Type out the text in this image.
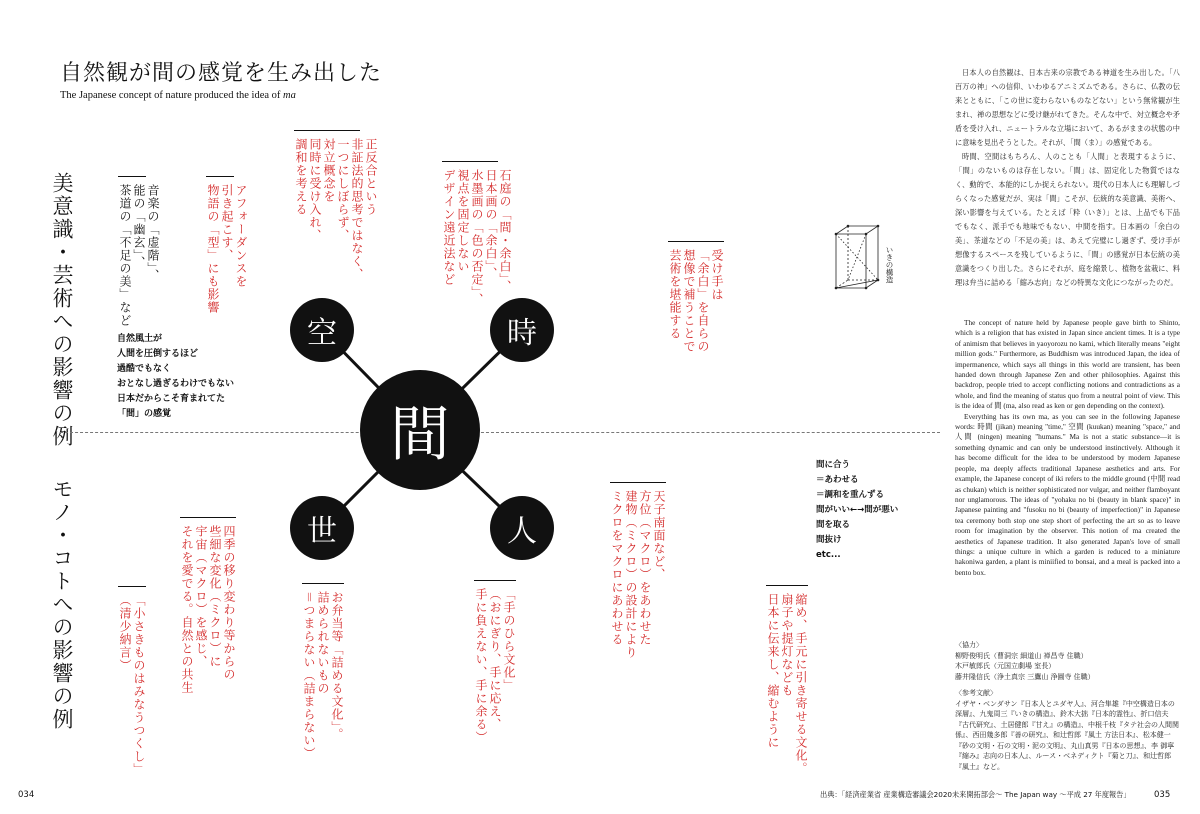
自然観が間の感覚を生み出した
The Japanese concept of nature produced the idea of ma
美意識・芸術への影響の例
モノ・コトへの影響の例
自然風土が
人間を圧倒するほど
過酷でもなく
おとなし過ぎるわけでもない
日本だからこそ育まれてた
「間」の感覚	間
空	時
世	人
音楽の「虚階」、
能の「幽玄」、
茶道の「不足の美」など	アフォーダンスを
引き起こす、
物語の「型」にも影響
正反合という
非証法的思考ではなく、
一つにしぼらず、
対立概念を
同時に受け入れ、
調和を考える	石庭の「間・余白」、
日本画の「余白」、
水墨画の「色の否定」、
視点を固定しない
デザイン遠近法など	受け手は
「余白」を自らの
想像で補うことで
芸術を堪能する
「小さきものはみなうつくし」
（清少納言）	四季の移り変わり等からの
些細な変化（ミクロ）に
宇宙（マクロ）を感じ、
それを愛でる。自然との共生	お弁当等「詰める文化」。
詰められないもの
＝つまらない（詰まらない）	「手のひら文化」
（おにぎり、手に応え、
手に負えない、手に余る）
天子南面など、
方位（マクロ）をあわせた
建物（ミクロ）の設計により
ミクロをマクロにあわせる
縮め、手元に引き寄せる文化。
扇子や提灯なども
日本に伝来し、縮むように
間に合う
＝あわせる
＝調和を重んずる
間がいい←→間が悪い
間を取る
間抜け
etc...
いきの構造

日本人の自然観は、日本古来の宗教である神道を生み出した。「八百万の神」への信仰、いわゆるアニミズムである。さらに、仏教の伝来とともに、「この世に変わらないものなどない」という無常観が生まれ、禅の思想などに受け継がれてきた。そんな中で、対立概念や矛盾を受け入れ、ニュートラルな立場において、あるがままの状態の中に意味を見出そうとした。それが、「間（ま）」の感覚である。

時間、空間はもちろん、人のことも「人間」と表現するように、「間」のないものは存在しない。「間」は、固定化した物質ではなく、動的で、本能的にしか捉えられない。現代の日本人にも理解しづらくなった感覚だが、実は「間」こそが、伝統的な美意識、美術へ、深い影響を与えている。たとえば「粋（いき）」とは、上品でも下品でもなく、派手でも地味でもない、中間を指す。日本画の「余白の美」、茶道などの「不足の美」は、あえて完璧にし過ぎず、受け手が想像するスペースを残しているように、「間」の感覚が日本伝統の美意識をつくり出した。さらにそれが、庭を縮景し、植物を盆栽に、料理は弁当に詰める「縮み志向」などの特異な文化につながったのだ。

The concept of nature held by Japanese people gave birth to Shinto, which is a religion that has existed in Japan since ancient times. It is a type of animism that believes in yaoyorozu no kami, which literally means "eight million gods." Furthermore, as Buddhism was introduced Japan, the idea of impermanence, which says all things in this world are transient, has been handed down through Japanese Zen and other philosophies. Against this backdrop, people tried to accept conflicting notions and contradictions as a whole, and find the meaning of status quo from a neutral point of view. This is the idea of 間 (ma, also read as ken or gen depending on the context).

Everything has its own ma, as you can see in the following Japanese words: 時間 (jikan) meaning "time," 空間 (kuukan) meaning "space," and 人間 (ningen) meaning "humans." Ma is not a static substance—it is something dynamic and can only be understood instinctively. Although it has become difficult for the idea to be understood by modern Japanese people, ma deeply affects traditional Japanese aesthetics and arts. For example, the Japanese concept of iki refers to the middle ground (中間 read as chukan) which is neither sophisticated nor vulgar, and neither flamboyant nor unglamorous. The ideas of "yohaku no bi (beauty in blank space)" in Japanese painting and "fusoku no bi (beauty of imperfection)" in Japanese tea ceremony both stop one step short of perfecting the art so as to leave room for imagination by the observer. This notion of ma created the aesthetics of Japanese tradition. It also generated Japan's love of small things: a unique culture in which a garden is reduced to a miniature hakoniwa garden, a plant is miniified to bonsai, and a meal is packed into a bento box.

〈協力〉
柳野俊明氏（曹洞宗 細道山 禅昌寺 住職）
木戸敏郎氏（元国立劇場 室長）
藤井隆信氏（浄土真宗 三鷹山 浄圓寺 住職）
〈参考文献〉
イザヤ・ベンダサン『日本人とユダヤ人』、河合隼雄『中空構造日本の深層』、九鬼周三『いきの構造』、鈴木大拙『日本的霊性』、折口信夫『古代研究』、土居健郎『甘え』の構造』、中根千枝『タテ社会の人間関係』、西田幾多郎『善の研究』、和辻哲郎『風土 方法日本』、松本健一『砂の文明・石の文明・泥の文明』、丸山真男『日本の思想』、李 御寧『縮み』志向の日本人』、ルース・ベネディクト『菊と刀』、和辻哲郎『風土』など。
034	035
出典：「経済産業省 産業構造審議会2020未来開拓部会～ The Japan way ～平成 27 年度報告」
